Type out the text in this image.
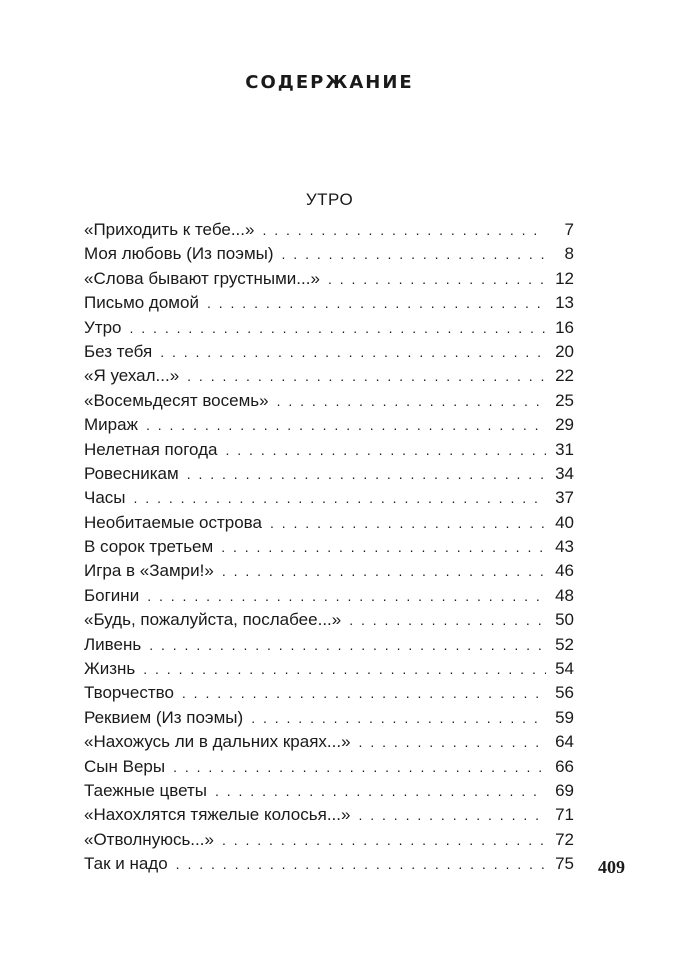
СОДЕРЖАНИЕ
УТРО
«Приходить к тебе...» . . .	7
Моя любовь (Из поэмы) . . .	8
«Слова бывают грустными...» . . .	12
Письмо домой . . .	13
Утро . . .	16
Без тебя . . .	20
«Я уехал...» . . .	22
«Восемьдесят восемь» . . .	25
Мираж . . .	29
Нелетная погода . . .	31
Ровесникам . . .	34
Часы . . .	37
Необитаемые острова . . .	40
В сорок третьем . . .	43
Игра в «Замри!» . . .	46
Богини . . .	48
«Будь, пожалуйста, послабее...» . . .	50
Ливень . . .	52
Жизнь . . .	54
Творчество . . .	56
Реквием (Из поэмы) . . .	59
«Нахожусь ли в дальних краях...» . . .	64
Сын Веры . . .	66
Таежные цветы . . .	69
«Нахохлятся тяжелые колосья...» . . .	71
«Отволнуюсь...» . . .	72
Так и надо . . .	75 409
